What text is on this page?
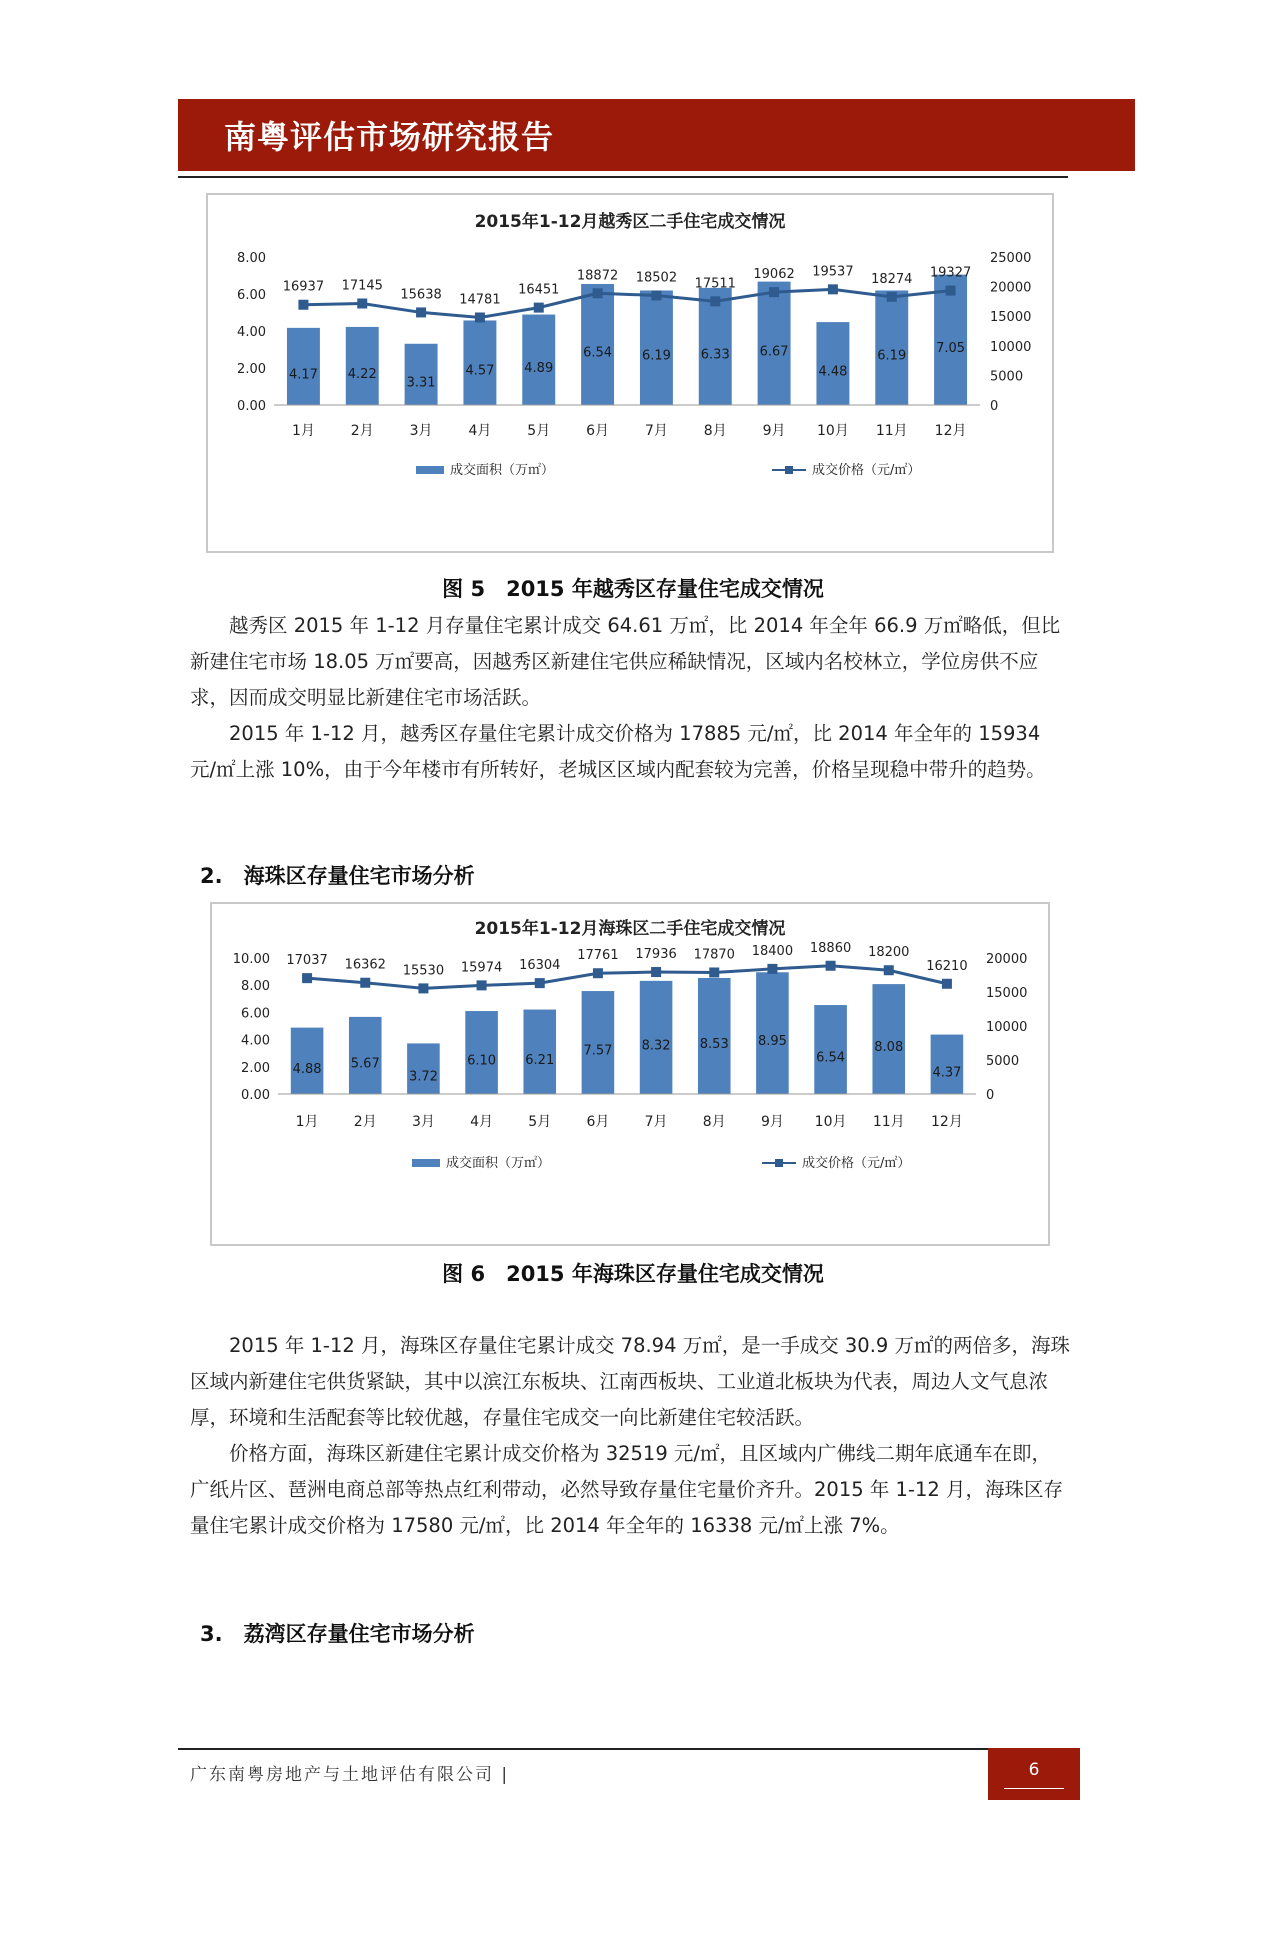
南粤评估市场研究报告
2015年1-12月越秀区二手住宅成交情况
8.00
6.00
4.00
2.00
0.00
25000
20000
15000
10000
5000
0
4.17
1月
4.22
2月
3.31
3月
4.57
4月
4.89
5月
6.54
6月
6.19
7月
6.33
8月
6.67
9月
4.48
10月
6.19
11月
7.05
12月
16937 17145
15638 14781
16451
18872 18502 17511
19062 19537 18274 19327
成交面积（万㎡）	成交价格（元/㎡）
图 5　2015 年越秀区存量住宅成交情况
越秀区 2015 年 1-12 月存量住宅累计成交 64.61 万㎡，比 2014 年全年 66.9 万㎡略低，但比新建住宅市场 18.05 万㎡要高，因越秀区新建住宅供应稀缺情况，区域内名校林立，学位房供不应求，因而成交明显比新建住宅市场活跃。
2015 年 1-12 月，越秀区存量住宅累计成交价格为 17885 元/㎡，比 2014 年全年的 15934 元/㎡上涨 10%，由于今年楼市有所转好，老城区区域内配套较为完善，价格呈现稳中带升的趋势。
2.　海珠区存量住宅市场分析
2015年1-12月海珠区二手住宅成交情况
10.00
8.00
6.00
4.00
2.00
0.00
20000
15000
10000
5000
0
4.88
1月
5.67
2月
3.72
3月
6.10
4月
6.21
5月
7.57
6月
8.32
7月
8.53
8月
8.95
9月
6.54
10月
8.08
11月
4.37
12月
17037 16362 15530 15974 16304
17761 17936 17870 18400 18860 18200
16210
成交面积（万㎡）	成交价格（元/㎡）
图 6　2015 年海珠区存量住宅成交情况
2015 年 1-12 月，海珠区存量住宅累计成交 78.94 万㎡，是一手成交 30.9 万㎡的两倍多，海珠区域内新建住宅供货紧缺，其中以滨江东板块、江南西板块、工业道北板块为代表，周边人文气息浓厚，环境和生活配套等比较优越，存量住宅成交一向比新建住宅较活跃。
价格方面，海珠区新建住宅累计成交价格为 32519 元/㎡，且区域内广佛线二期年底通车在即，广纸片区、琶洲电商总部等热点红利带动，必然导致存量住宅量价齐升。2015 年 1-12 月，海珠区存量住宅累计成交价格为 17580 元/㎡，比 2014 年全年的 16338 元/㎡上涨 7%。
3.　荔湾区存量住宅市场分析
广东南粤房地产与土地评估有限公司 |	6
